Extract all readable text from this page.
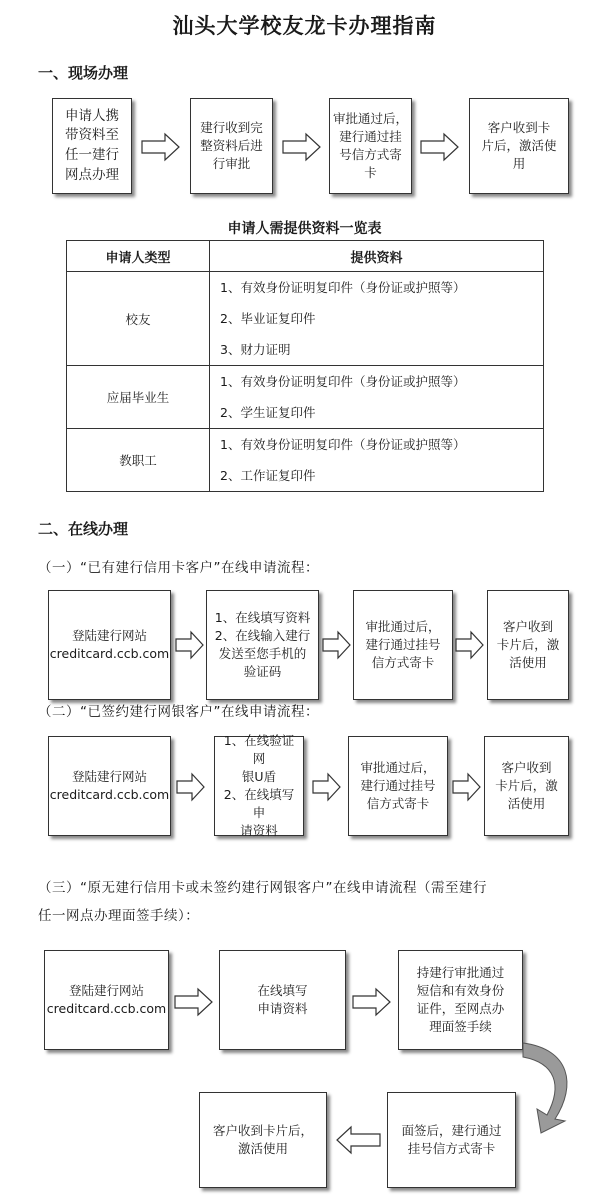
汕头大学校友龙卡办理指南
一、现场办理
申请人携
带资料至
任一建行
网点办理
建行收到完
整资料后进
行审批
审批通过后，
建行通过挂
号信方式寄
卡
客户收到卡
片后，激活使
用
申请人需提供资料一览表
申请人类型	提供资料
校友	1、有效身份证明复印件（身份证或护照等）
2、毕业证复印件
3、财力证明

应届毕业生	1、有效身份证明复印件（身份证或护照等）
2、学生证复印件

教职工	1、有效身份证明复印件（身份证或护照等）
2、工作证复印件
二、在线办理
（一）“已有建行信用卡客户”在线申请流程：
登陆建行网站
creditcard.ccb.com
1、在线填写资料
2、在线输入建行
发送至您手机的
验证码
审批通过后，
建行通过挂号
信方式寄卡
客户收到
卡片后，激
活使用
（二）“已签约建行网银客户”在线申请流程：
登陆建行网站
creditcard.ccb.com
1、在线验证网
银U盾
2、在线填写申
请资料
审批通过后，
建行通过挂号
信方式寄卡
客户收到
卡片后，激
活使用
（三）“原无建行信用卡或未签约建行网银客户”在线申请流程（需至建行
任一网点办理面签手续）：
登陆建行网站
creditcard.ccb.com
在线填写
申请资料
持建行审批通过
短信和有效身份
证件，至网点办
理面签手续
面签后，建行通过
挂号信方式寄卡
客户收到卡片后，
激活使用
